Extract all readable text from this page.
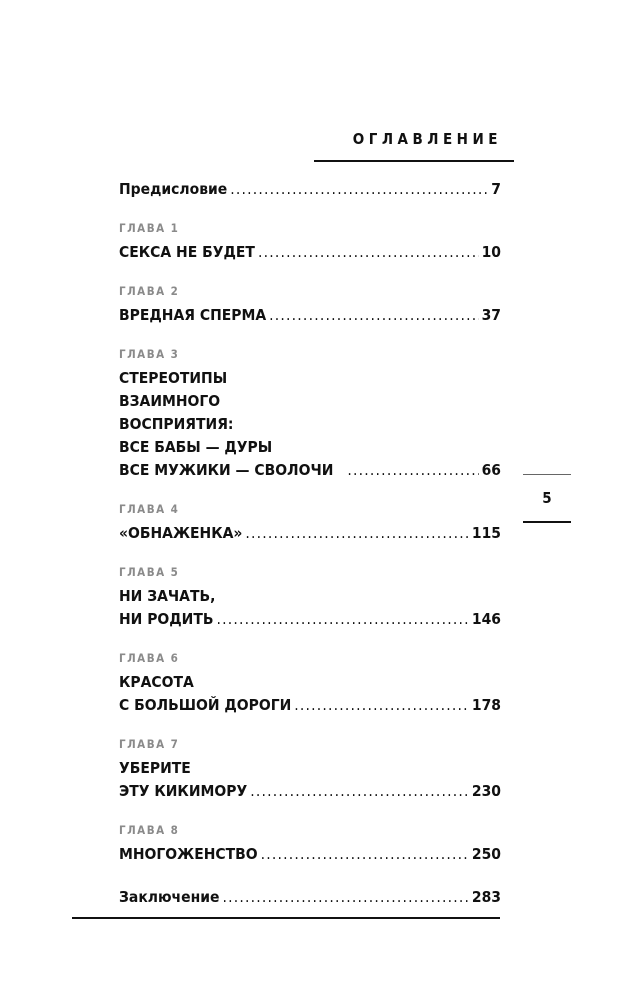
ОГЛАВЛЕНИЕ
Предисловие .....	7
ГЛАВА 1
СЕКСА НЕ БУДЕТ .....	10
ГЛАВА 2
ВРЕДНАЯ СПЕРМА .....	37
ГЛАВА 3
СТЕРЕОТИПЫ
ВЗАИМНОГО
ВОСПРИЯТИЯ:
ВСЕ БАБЫ — ДУРЫ
ВСЕ МУЖИКИ — СВОЛОЧИ .....	66
ГЛАВА 4
«ОБНАЖЕНКА» .....	115
ГЛАВА 5
НИ ЗАЧАТЬ,
НИ РОДИТЬ .....	146
ГЛАВА 6
КРАСОТА
С БОЛЬШОЙ ДОРОГИ .....	178
ГЛАВА 7
УБЕРИТЕ
ЭТУ КИКИМОРУ .....	230
ГЛАВА 8
МНОГОЖЕНСТВО .....	250
Заключение .....	283
5
